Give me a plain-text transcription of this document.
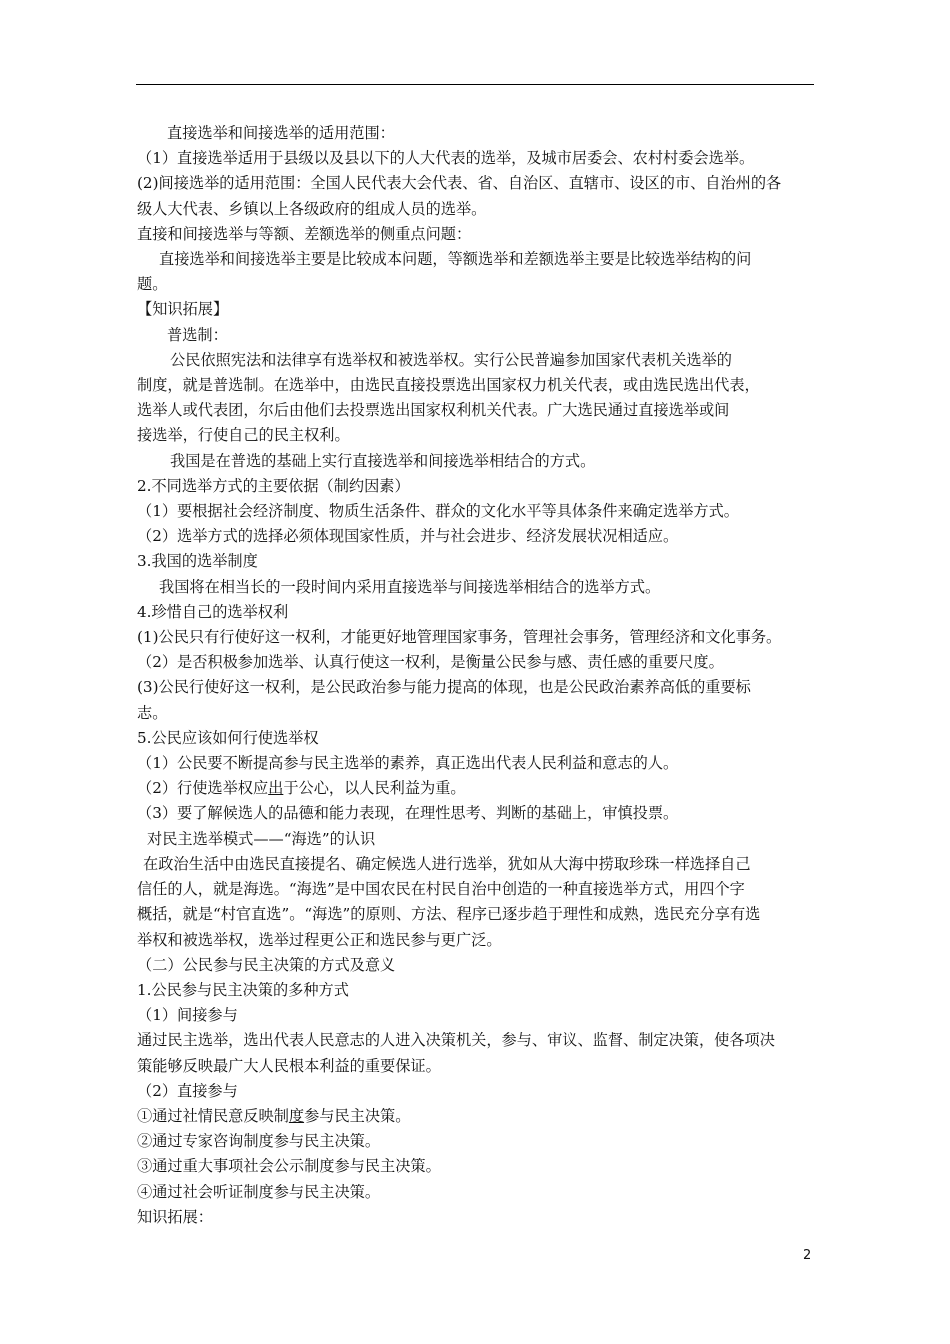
直接选举和间接选举的适用范围：
（1）直接选举适用于县级以及县以下的人大代表的选举，及城市居委会、农村村委会选举。
(2)间接选举的适用范围：全国人民代表大会代表、省、自治区、直辖市、设区的市、自治州的各
级人大代表、乡镇以上各级政府的组成人员的选举。
直接和间接选举与等额、差额选举的侧重点问题：
直接选举和间接选举主要是比较成本问题，等额选举和差额选举主要是比较选举结构的问
题。
【知识拓展】
普选制：
公民依照宪法和法律享有选举权和被选举权。实行公民普遍参加国家代表机关选举的
制度，就是普选制。在选举中，由选民直接投票选出国家权力机关代表，或由选民选出代表，
选举人或代表团，尔后由他们去投票选出国家权利机关代表。广大选民通过直接选举或间
接选举，行使自己的民主权利。
我国是在普选的基础上实行直接选举和间接选举相结合的方式。
2.不同选举方式的主要依据（制约因素）
（1）要根据社会经济制度、物质生活条件、群众的文化水平等具体条件来确定选举方式。
（2）选举方式的选择必须体现国家性质，并与社会进步、经济发展状况相适应。
3.我国的选举制度
我国将在相当长的一段时间内采用直接选举与间接选举相结合的选举方式。
4.珍惜自己的选举权利
(1)公民只有行使好这一权利，才能更好地管理国家事务，管理社会事务，管理经济和文化事务。
（2）是否积极参加选举、认真行使这一权利，是衡量公民参与感、责任感的重要尺度。
(3)公民行使好这一权利，是公民政治参与能力提高的体现，也是公民政治素养高低的重要标
志。
5.公民应该如何行使选举权
（1）公民要不断提高参与民主选举的素养，真正选出代表人民利益和意志的人。
（2）行使选举权应出于公心，以人民利益为重。
（3）要了解候选人的品德和能力表现，在理性思考、判断的基础上，审慎投票。
对民主选举模式——“海选”的认识
在政治生活中由选民直接提名、确定候选人进行选举，犹如从大海中捞取珍珠一样选择自己
信任的人，就是海选。“海选”是中国农民在村民自治中创造的一种直接选举方式，用四个字
概括，就是“村官直选”。“海选”的原则、方法、程序已逐步趋于理性和成熟，选民充分享有选
举权和被选举权，选举过程更公正和选民参与更广泛。
（二）公民参与民主决策的方式及意义
1.公民参与民主决策的多种方式
（1）间接参与
通过民主选举，选出代表人民意志的人进入决策机关，参与、审议、监督、制定决策，使各项决
策能够反映最广大人民根本利益的重要保证。
（2）直接参与
①通过社情民意反映制度参与民主决策。
②通过专家咨询制度参与民主决策。
③通过重大事项社会公示制度参与民主决策。
④通过社会听证制度参与民主决策。
知识拓展：
2
